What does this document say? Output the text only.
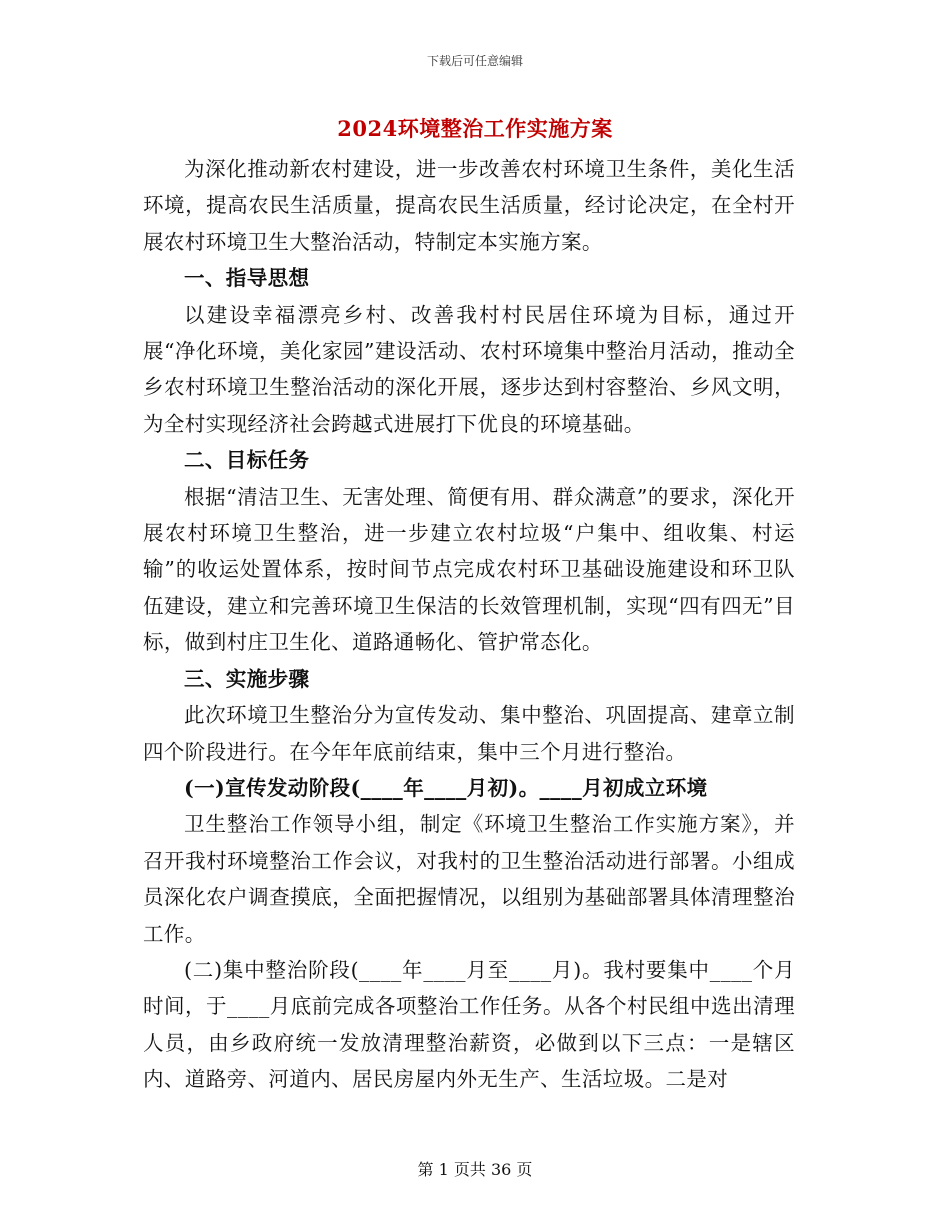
下载后可任意编辑
2024环境整治工作实施方案

为深化推动新农村建设，进一步改善农村环境卫生条件，美化生活环境，提高农民生活质量，提高农民生活质量，经讨论决定，在全村开展农村环境卫生大整治活动，特制定本实施方案。

一、指导思想

以建设幸福漂亮乡村、改善我村村民居住环境为目标，通过开展“净化环境，美化家园”建设活动、农村环境集中整治月活动，推动全乡农村环境卫生整治活动的深化开展，逐步达到村容整治、乡风文明，为全村实现经济社会跨越式进展打下优良的环境基础。

二、目标任务

根据“清洁卫生、无害处理、简便有用、群众满意”的要求，深化开展农村环境卫生整治，进一步建立农村垃圾“户集中、组收集、村运输”的收运处置体系，按时间节点完成农村环卫基础设施建设和环卫队伍建设，建立和完善环境卫生保洁的长效管理机制，实现“四有四无”目标，做到村庄卫生化、道路通畅化、管护常态化。

三、实施步骤

此次环境卫生整治分为宣传发动、集中整治、巩固提高、建章立制四个阶段进行。在今年年底前结束，集中三个月进行整治。

(一)宣传发动阶段(____年____月初)。____月初成立环境

卫生整治工作领导小组，制定《环境卫生整治工作实施方案》，并召开我村环境整治工作会议，对我村的卫生整治活动进行部署。小组成员深化农户调查摸底，全面把握情况，以组别为基础部署具体清理整治工作。

(二)集中整治阶段(____年____月至____月)。我村要集中____个月时间，于____月底前完成各项整治工作任务。从各个村民组中选出清理人员，由乡政府统一发放清理整治薪资，必做到以下三点：一是辖区内、道路旁、河道内、居民房屋内外无生产、生活垃圾。二是对

第 1 页共 36 页
